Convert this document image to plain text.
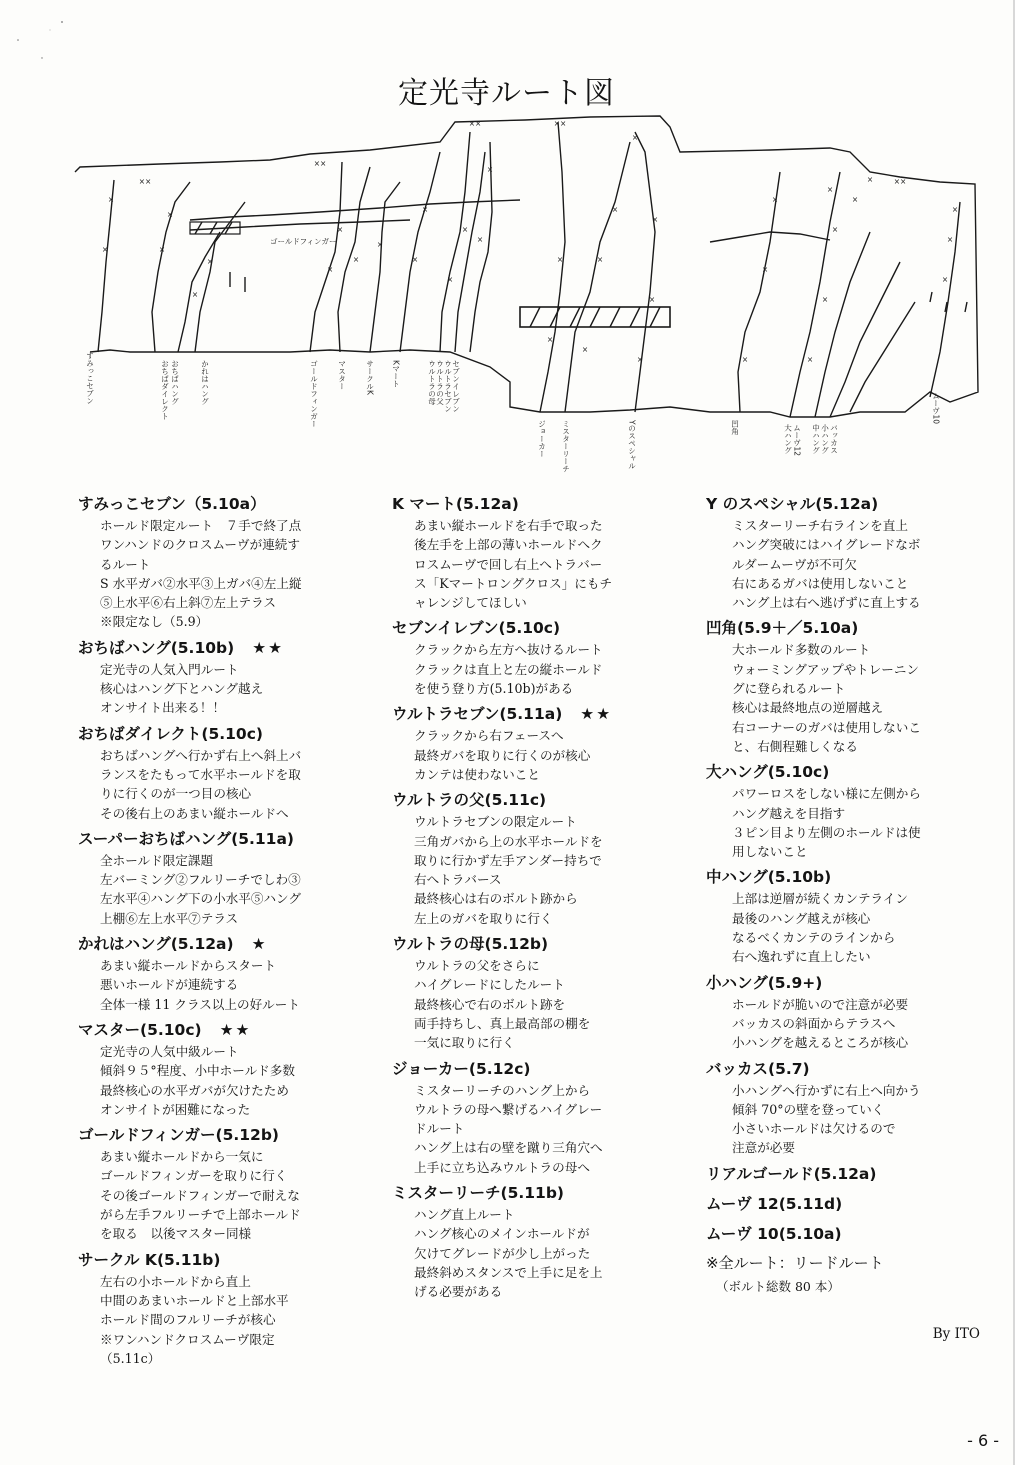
定光寺ルート図
×
×
×
×
×
×
×
×
×
×
×
×
×
×
×
×
×
×
×
×
×
×
×
×
×
×
×
×
×
×
×
×
×
×
×
×
××	××
×
××
××
××
すみっこセブン	おちばダイレクト おちばハング	かれはハング	ゴールドフィンガー	マスター	サークルK Kマート	ウルトラの母 ウルトラの父 ウルトラセブン セブンイレブン
ジョーカー ミスターリーチ	Yのスペシャル	凹角	大ハング ムーヴ12 中ハング 小ハング バッカス
ムーヴ10
ゴールドフィンガー
すみっこセブン（5.10a）
ホールド限定ルート　７手で終了点
ワンハンドのクロスムーヴが連続す
るルート
S 水平ガバ②水平③上ガバ④左上縦
⑤上水平⑥右上斜⑦左上テラス
※限定なし（5.9）
おちばハング(5.10b) ★★
定光寺の人気入門ルート
核心はハング下とハング越え
オンサイト出来る！！
おちばダイレクト(5.10c)
おちばハングへ行かず右上へ斜上バ
ランスをたもって水平ホールドを取
りに行くのが一つ目の核心
その後右上のあまい縦ホールドへ
スーパーおちばハング(5.11a)
全ホールド限定課題
左バーミング②フルリーチでしわ③
左水平④ハング下の小水平⑤ハング
上棚⑥左上水平⑦テラス
かれはハング(5.12a) ★
あまい縦ホールドからスタート
悪いホールドが連続する
全体一様 11 クラス以上の好ルート
マスター(5.10c) ★★
定光寺の人気中級ルート
傾斜９５°程度、小中ホールド多数
最終核心の水平ガバが欠けたため
オンサイトが困難になった
ゴールドフィンガー(5.12b)
あまい縦ホールドから一気に
ゴールドフィンガーを取りに行く
その後ゴールドフィンガーで耐えな
がら左手フルリーチで上部ホールド
を取る　以後マスター同様
サークル K(5.11b)
左右の小ホールドから直上
中間のあまいホールドと上部水平
ホールド間のフルリーチが核心
※ワンハンドクロスムーヴ限定
（5.11c）
K マート(5.12a)
あまい縦ホールドを右手で取った
後左手を上部の薄いホールドへク
ロスムーヴで回し右上へトラバー
ス「Kマートロングクロス」にもチ
ャレンジしてほしい
セブンイレブン(5.10c)
クラックから左方へ抜けるルート
クラックは直上と左の縦ホールド
を使う登り方(5.10b)がある
ウルトラセブン(5.11a) ★★
クラックから右フェースへ
最終ガバを取りに行くのが核心
カンテは使わないこと
ウルトラの父(5.11c)
ウルトラセブンの限定ルート
三角ガバから上の水平ホールドを
取りに行かず左手アンダー持ちで
右へトラバース
最終核心は右のボルト跡から
左上のガバを取りに行く
ウルトラの母(5.12b)
ウルトラの父をさらに
ハイグレードにしたルート
最終核心で右のボルト跡を
両手持ちし、真上最高部の棚を
一気に取りに行く
ジョーカー(5.12c)
ミスターリーチのハング上から
ウルトラの母へ繋げるハイグレー
ドルート
ハング上は右の壁を蹴り三角穴へ
上手に立ち込みウルトラの母へ
ミスターリーチ(5.11b)
ハング直上ルート
ハング核心のメインホールドが
欠けてグレードが少し上がった
最終斜めスタンスで上手に足を上
げる必要がある
Y のスペシャル(5.12a)
ミスターリーチ右ラインを直上
ハング突破にはハイグレードなボ
ルダームーヴが不可欠
右にあるガバは使用しないこと
ハング上は右へ逃げずに直上する
凹角(5.9＋／5.10a)
大ホールド多数のルート
ウォーミングアップやトレーニン
グに登られるルート
核心は最終地点の逆層越え
右コーナーのガバは使用しないこ
と、右側程難しくなる
大ハング(5.10c)
パワーロスをしない様に左側から
ハング越えを目指す
３ピン目より左側のホールドは使
用しないこと
中ハング(5.10b)
上部は逆層が続くカンテライン
最後のハング越えが核心
なるべくカンテのラインから
右へ逸れずに直上したい
小ハング(5.9+)
ホールドが脆いので注意が必要
バッカスの斜面からテラスへ
小ハングを越えるところが核心
バッカス(5.7)
小ハングへ行かずに右上へ向かう
傾斜 70°の壁を登っていく
小さいホールドは欠けるので
注意が必要
リアルゴールド(5.12a)
ムーヴ 12(5.11d)
ムーヴ 10(5.10a)
※全ルート：リードルート
（ボルト総数 80 本）
By ITO
- 6 -
